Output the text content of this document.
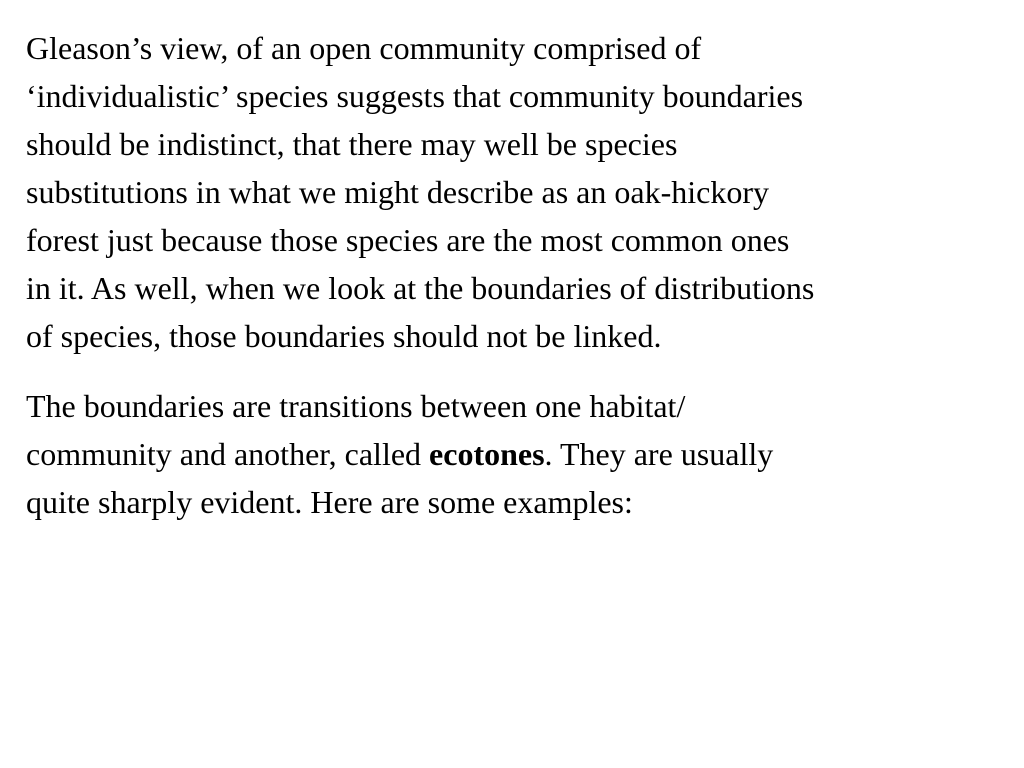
Gleason’s view, of an open community comprised of
‘individualistic’ species suggests that community boundaries
should be indistinct, that there may well be species
substitutions in what we might describe as an oak-hickory
forest just because those species are the most common ones
in it. As well, when we look at the boundaries of distributions
of species, those boundaries should not be linked.

The boundaries are transitions between one habitat/
community and another, called ecotones. They are usually
quite sharply evident. Here are some examples:
